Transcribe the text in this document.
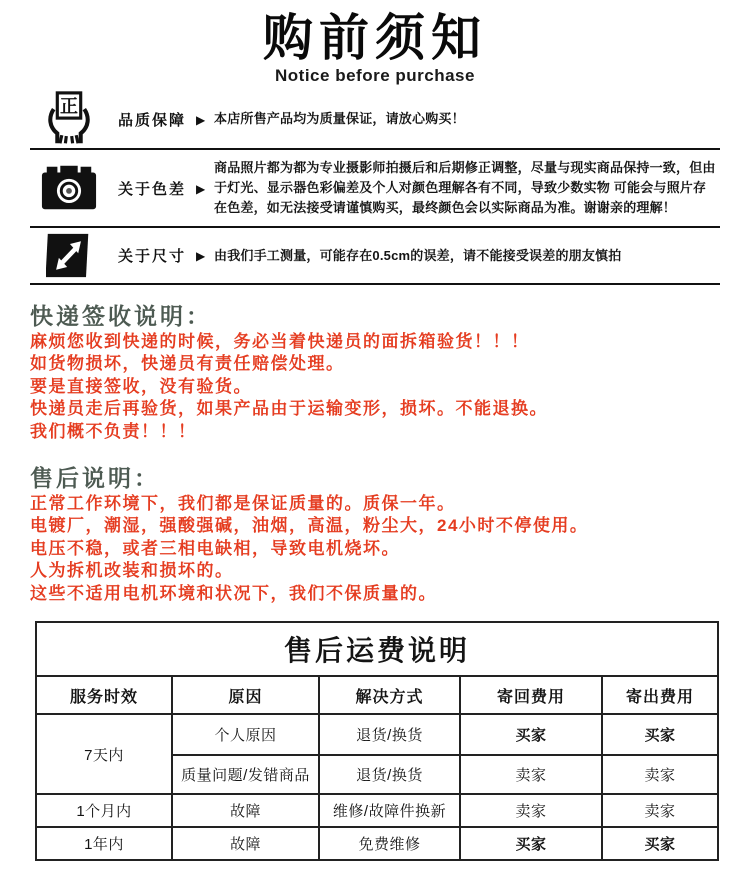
购前须知
Notice before purchase
正
品质保障 ▶ 本店所售产品均为质量保证，请放心购买！
关于色差 ▶
商品照片都为都为专业摄影师拍摄后和后期修正调整，尽量与现实商品保持一致，但由于灯光、显示器色彩偏差及个人对颜色理解各有不同，导致少数实物 可能会与照片存在色差，如无法接受请谨慎购买，最终颜色会以实际商品为准。谢谢亲的理解！
关于尺寸 ▶ 由我们手工测量，可能存在0.5cm的误差，请不能接受误差的朋友慎拍
快递签收说明：
麻烦您收到快递的时候，务必当着快递员的面拆箱验货！！！
如货物损坏，快递员有责任赔偿处理。
要是直接签收，没有验货。
快递员走后再验货，如果产品由于运输变形，损坏。不能退换。
我们概不负责！！！
售后说明：
正常工作环境下，我们都是保证质量的。质保一年。
电镀厂，潮湿，强酸强碱，油烟，高温，粉尘大，24小时不停使用。
电压不稳，或者三相电缺相，导致电机烧坏。
人为拆机改装和损坏的。
这些不适用电机环境和状况下，我们不保质量的。
售后运费说明				
服务时效	原因	解决方式	寄回费用	寄出费用
7天内	个人原因	退货/换货	买家	买家
	质量问题/发错商品	退货/换货	卖家	卖家
1个月内	故障	维修/故障件换新	卖家	卖家
1年内	故障	免费维修	买家	买家
